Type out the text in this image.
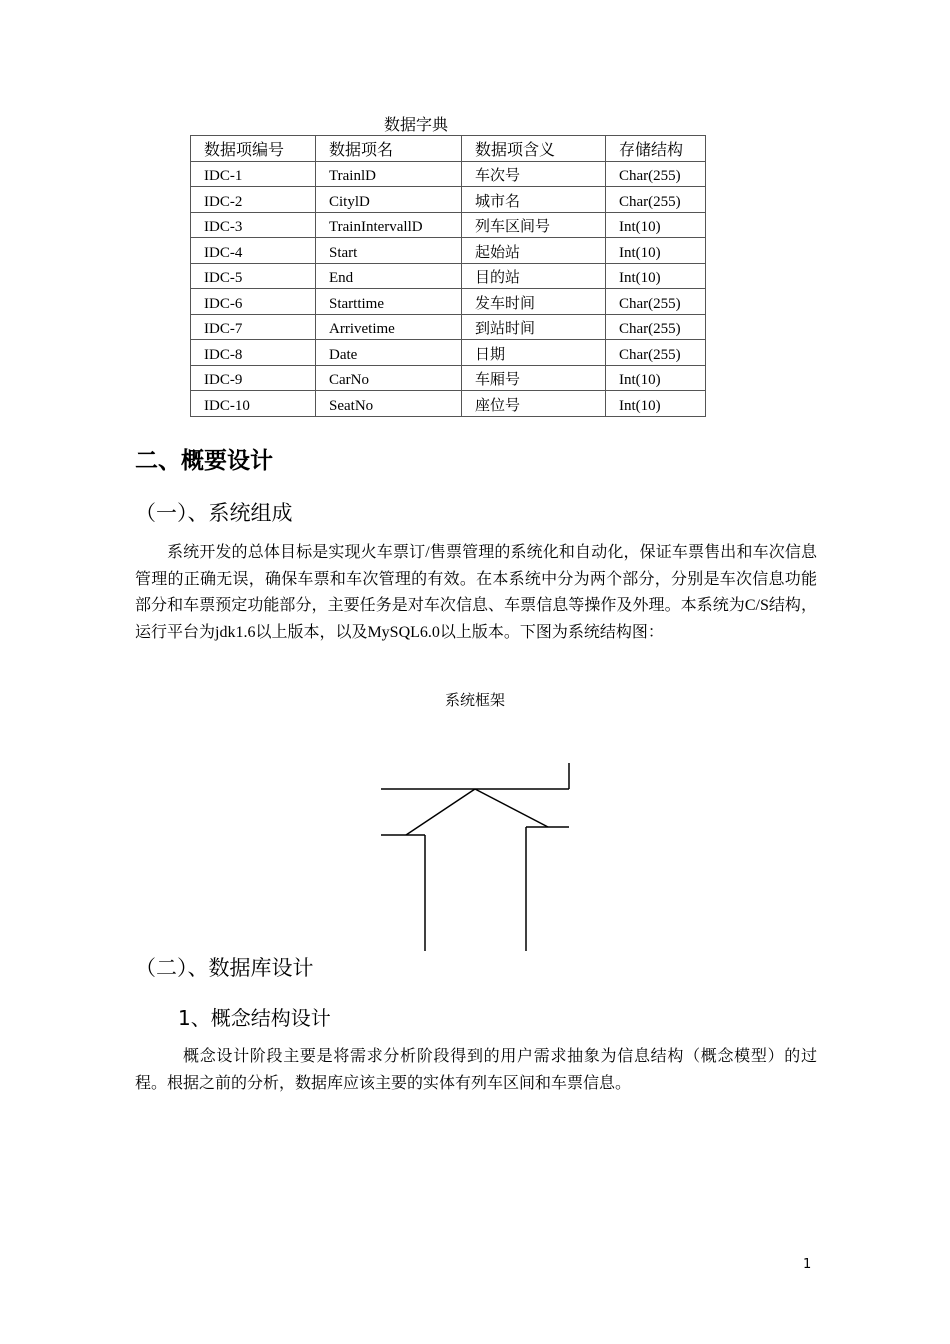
数据字典
数据项编号	数据项名	数据项含义	存储结构
IDC-1	TrainlD	车次号	Char(255)
IDC-2	CitylD	城市名	Char(255)
IDC-3	TrainIntervallD	列车区间号	Int(10)
IDC-4	Start	起始站	Int(10)
IDC-5	End	目的站	Int(10)
IDC-6	Starttime	发车时间	Char(255)
IDC-7	Arrivetime	到站时间	Char(255)
IDC-8	Date	日期	Char(255)
IDC-9	CarNo	车厢号	Int(10)
IDC-10	SeatNo	座位号	Int(10)
二、概要设计
（一）、系统组成

系统开发的总体目标是实现火车票订/售票管理的系统化和自动化，保证车票售出和车次信息管理的正确无误，确保车票和车次管理的有效。在本系统中分为两个部分，分别是车次信息功能部分和车票预定功能部分，主要任务是对车次信息、车票信息等操作及外理。本系统为C/S结构，运行平台为jdk1.6以上版本，以及MySQL6.0以上版本。下图为系统结构图：

系统框架
（二）、数据库设计
1、概念结构设计

概念设计阶段主要是将需求分析阶段得到的用户需求抽象为信息结构（概念模型）的过程。根据之前的分析，数据库应该主要的实体有列车区间和车票信息。

1
